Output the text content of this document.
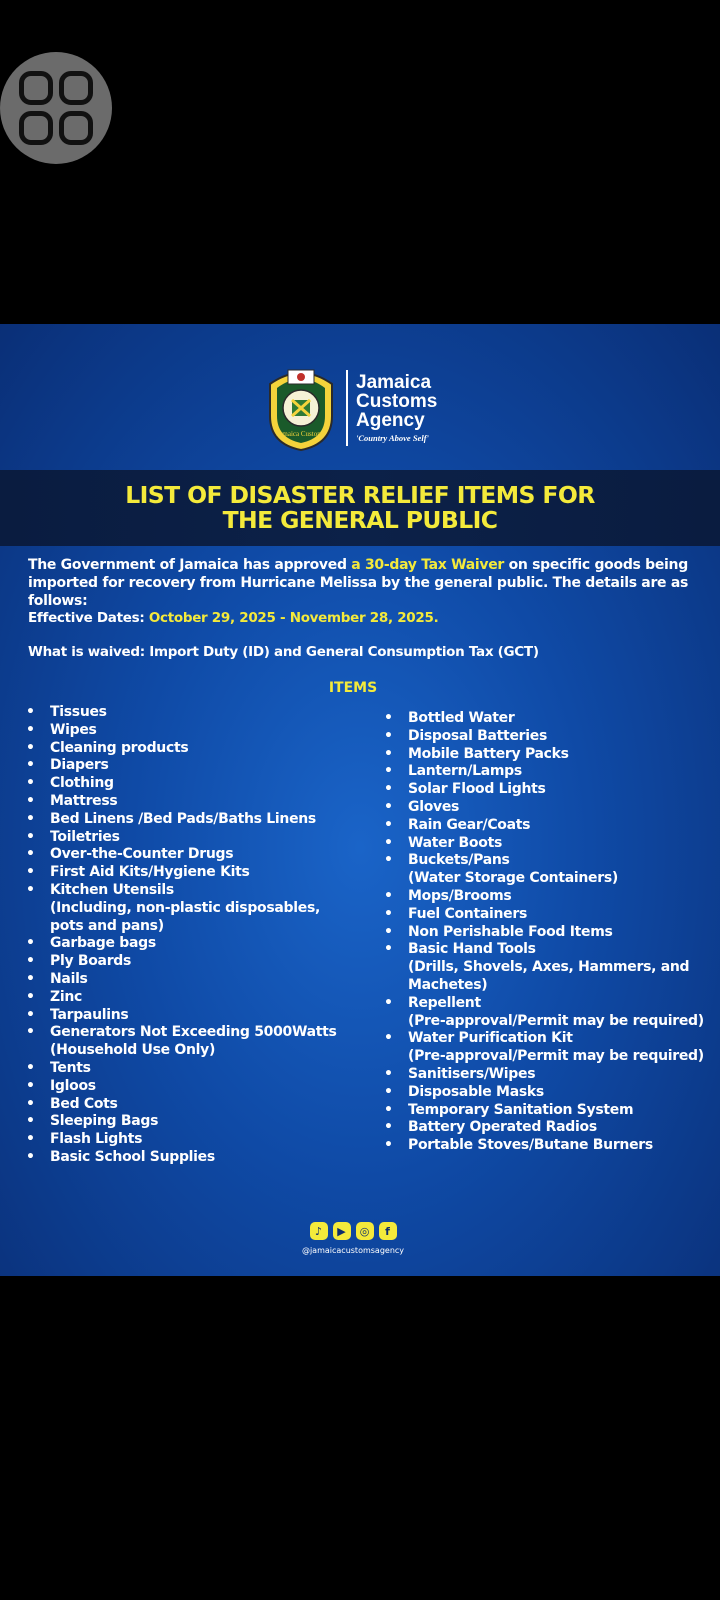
Jamaica Customs
Jamaica
Customs
Agency
'Country Above Self'
LIST OF DISASTER RELIEF ITEMS FOR
THE GENERAL PUBLIC
The Government of Jamaica has approved a 30-day Tax Waiver on specific goods being imported for recovery from Hurricane Melissa by the general public. The details are as follows:
Effective Dates: October 29, 2025 - November 28, 2025.
What is waived: Import Duty (ID) and General Consumption Tax (GCT)
ITEMS
• Tissues
• Wipes
• Cleaning products
• Diapers
• Clothing
• Mattress
• Bed Linens /Bed Pads/Baths Linens
• Toiletries
• Over-the-Counter Drugs
• First Aid Kits/Hygiene Kits
• Kitchen Utensils
(Including, non-plastic disposables,
pots and pans)
• Garbage bags
• Ply Boards
• Nails
• Zinc
• Tarpaulins
• Generators Not Exceeding 5000Watts
(Household Use Only)
• Tents
• Igloos
• Bed Cots
• Sleeping Bags
• Flash Lights
• Basic School Supplies
• Bottled Water
• Disposal Batteries
• Mobile Battery Packs
• Lantern/Lamps
• Solar Flood Lights
• Gloves
• Rain Gear/Coats
• Water Boots
• Buckets/Pans
(Water Storage Containers)
• Mops/Brooms
• Fuel Containers
• Non Perishable Food Items
• Basic Hand Tools
(Drills, Shovels, Axes, Hammers, and
Machetes)
• Repellent
(Pre-approval/Permit may be required)
• Water Purification Kit
(Pre-approval/Permit may be required)
• Sanitisers/Wipes
• Disposable Masks
• Temporary Sanitation System
• Battery Operated Radios
• Portable Stoves/Butane Burners
♪	▶	◎	f
@jamaicacustomsagency
